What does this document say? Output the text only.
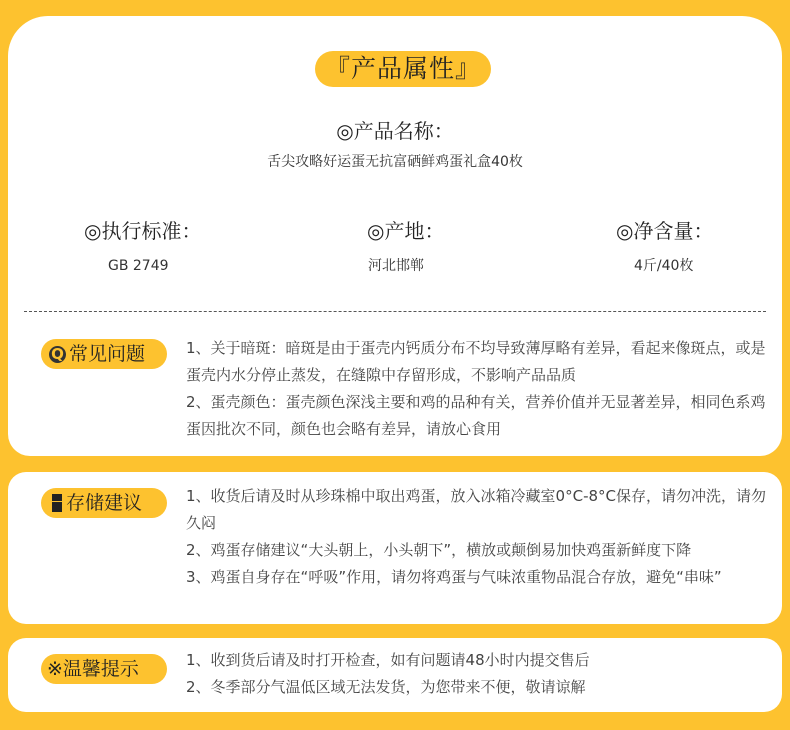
『产品属性』
◎产品名称：
舌尖攻略好运蛋无抗富硒鲜鸡蛋礼盒40枚
◎执行标准：
GB 2749
◎产地：
河北邯郸
◎净含量：
4斤/40枚
Q 常见问题	1、关于暗斑：暗斑是由于蛋壳内钙质分布不均导致薄厚略有差异，看起来像斑点，或是蛋壳内水分停止蒸发，在缝隙中存留形成，不影响产品品质
2、蛋壳颜色：蛋壳颜色深浅主要和鸡的品种有关，营养价值并无显著差异，相同色系鸡蛋因批次不同，颜色也会略有差异，请放心食用
存储建议	1、收货后请及时从珍珠棉中取出鸡蛋，放入冰箱冷藏室0°C-8°C保存，请勿冲洗，请勿久闷
2、鸡蛋存储建议“大头朝上，小头朝下”，横放或颠倒易加快鸡蛋新鲜度下降
3、鸡蛋自身存在“呼吸”作用，请勿将鸡蛋与气味浓重物品混合存放，避免“串味”
※温馨提示	1、收到货后请及时打开检查，如有问题请48小时内提交售后
2、冬季部分气温低区域无法发货，为您带来不便，敬请谅解
